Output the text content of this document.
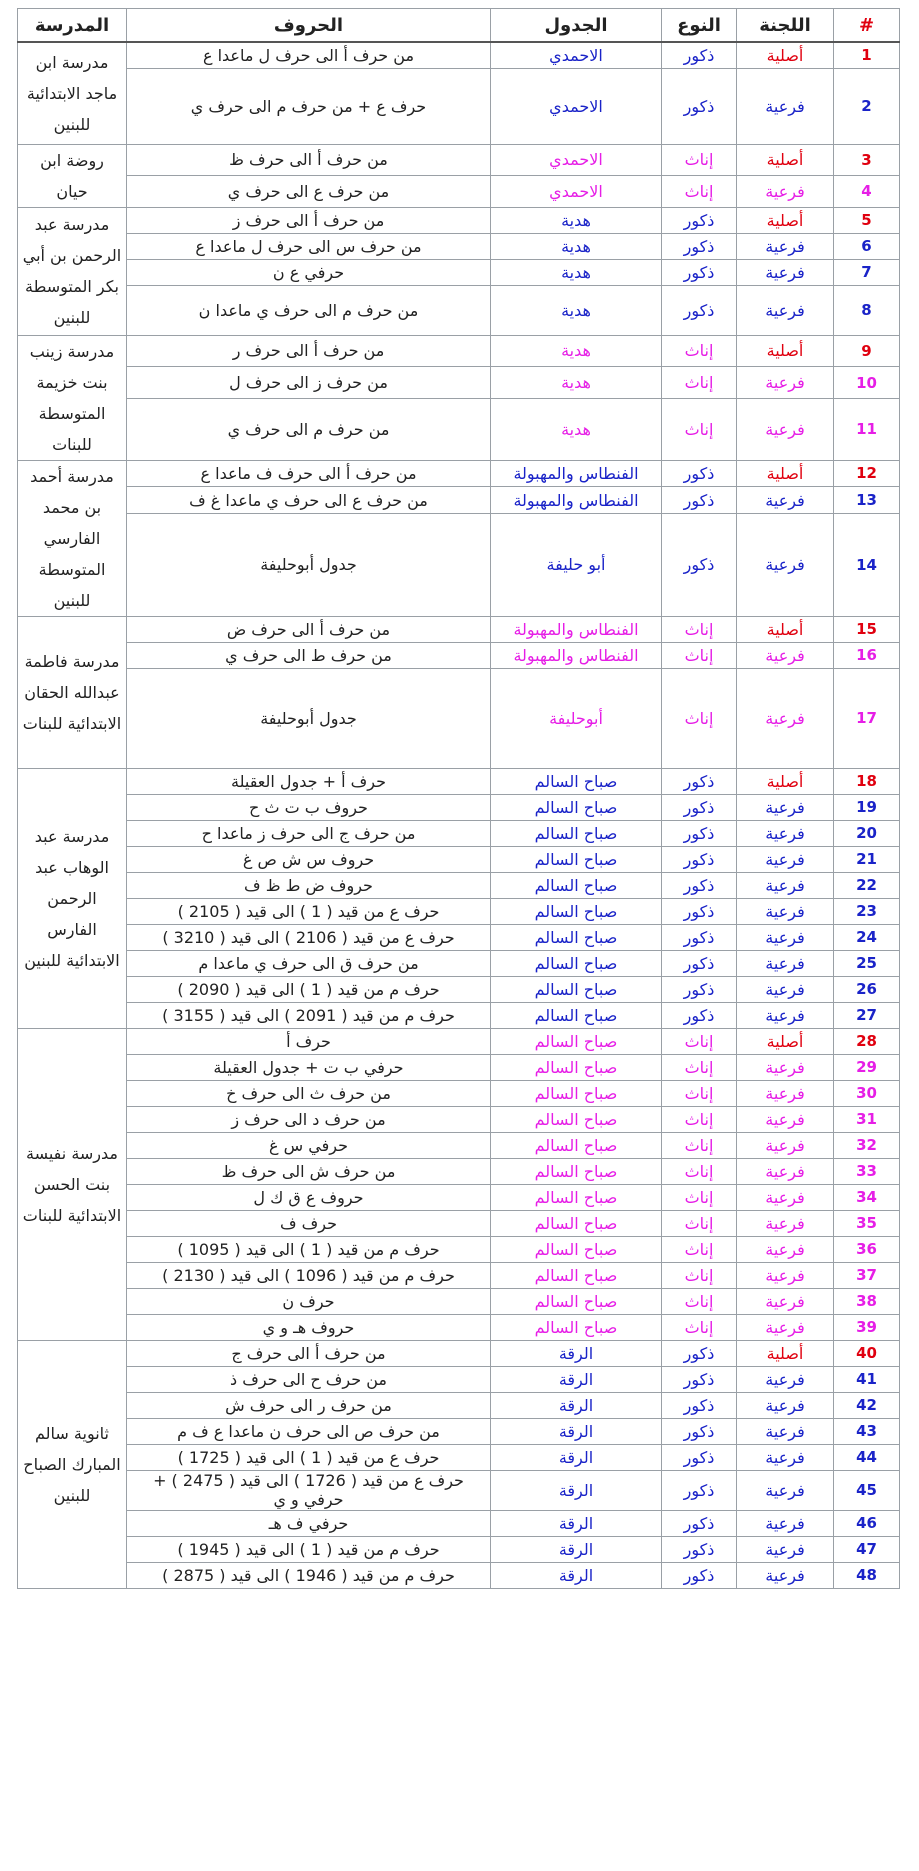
#	اللجنة	النوع	الجدول	الحروف	المدرسة
1	أصلية	ذكور	الاحمدي	من حرف أ الى حرف ل ماعدا ع	مدرسة ابن ماجد الابتدائية للبنين
2	فرعية	ذكور	الاحمدي	حرف ع + من حرف م الى حرف ي	
3	أصلية	إناث	الاحمدي	من حرف أ الى حرف ظ	روضة ابن حيان
4	فرعية	إناث	الاحمدي	من حرف ع الى حرف ي	
5	أصلية	ذكور	هدية	من حرف أ الى حرف ز	مدرسة عبد الرحمن بن أبي بكر المتوسطة للبنين
6	فرعية	ذكور	هدية	من حرف س الى حرف ل ماعدا ع	
7	فرعية	ذكور	هدية	حرفي ع ن	
8	فرعية	ذكور	هدية	من حرف م الى حرف ي ماعدا ن	
9	أصلية	إناث	هدية	من حرف أ الى حرف ر	مدرسة زينب بنت خزيمة المتوسطة للبنات
10	فرعية	إناث	هدية	من حرف ز الى حرف ل	
11	فرعية	إناث	هدية	من حرف م الى حرف ي	
12	أصلية	ذكور	الفنطاس والمهبولة	من حرف أ الى حرف ف ماعدا ع	مدرسة أحمد بن محمد الفارسي المتوسطة للبنين
13	فرعية	ذكور	الفنطاس والمهبولة	من حرف ع الى حرف ي ماعدا غ ف	
14	فرعية	ذكور	أبو حليفة	جدول أبوحليفة	
15	أصلية	إناث	الفنطاس والمهبولة	من حرف أ الى حرف ض	مدرسة فاطمة عبدالله الحقان الابتدائية للبنات
16	فرعية	إناث	الفنطاس والمهبولة	من حرف ط الى حرف ي	
17	فرعية	إناث	أبوحليفة	جدول أبوحليفة	
18	أصلية	ذكور	صباح السالم	حرف أ + جدول العقيلة	مدرسة عبد الوهاب عبد الرحمن الفارس الابتدائية للبنين
19	فرعية	ذكور	صباح السالم	حروف ب ت ث ح	
20	فرعية	ذكور	صباح السالم	من حرف ج الى حرف ز ماعدا ح	
21	فرعية	ذكور	صباح السالم	حروف س ش ص غ	
22	فرعية	ذكور	صباح السالم	حروف ض ط ظ ف	
23	فرعية	ذكور	صباح السالم	حرف ع من قيد ( 1 ) الى قيد ( 2105 )	
24	فرعية	ذكور	صباح السالم	حرف ع من قيد ( 2106 ) الى قيد ( 3210 )	
25	فرعية	ذكور	صباح السالم	من حرف ق الى حرف ي ماعدا م	
26	فرعية	ذكور	صباح السالم	حرف م من قيد ( 1 ) الى قيد ( 2090 )	
27	فرعية	ذكور	صباح السالم	حرف م من قيد ( 2091 ) الى قيد ( 3155 )	
28	أصلية	إناث	صباح السالم	حرف أ	مدرسة نفيسة بنت الحسن الابتدائية للبنات
29	فرعية	إناث	صباح السالم	حرفي ب ت + جدول العقيلة	
30	فرعية	إناث	صباح السالم	من حرف ث الى حرف خ	
31	فرعية	إناث	صباح السالم	من حرف د الى حرف ز	
32	فرعية	إناث	صباح السالم	حرفي س غ	
33	فرعية	إناث	صباح السالم	من حرف ش الى حرف ظ	
34	فرعية	إناث	صباح السالم	حروف ع ق ك ل	
35	فرعية	إناث	صباح السالم	حرف ف	
36	فرعية	إناث	صباح السالم	حرف م من قيد ( 1 ) الى قيد ( 1095 )	
37	فرعية	إناث	صباح السالم	حرف م من قيد ( 1096 ) الى قيد ( 2130 )	
38	فرعية	إناث	صباح السالم	حرف ن	
39	فرعية	إناث	صباح السالم	حروف هـ و ي	
40	أصلية	ذكور	الرقة	من حرف أ الى حرف ج	ثانوية سالم المبارك الصباح للبنين
41	فرعية	ذكور	الرقة	من حرف ح الى حرف ذ	
42	فرعية	ذكور	الرقة	من حرف ر الى حرف ش	
43	فرعية	ذكور	الرقة	من حرف ص الى حرف ن ماعدا ع ف م	
44	فرعية	ذكور	الرقة	حرف ع من قيد ( 1 ) الى قيد ( 1725 )	
45	فرعية	ذكور	الرقة	حرف ع من قيد ( 1726 ) الى قيد ( 2475 ) + حرفي و ي	
46	فرعية	ذكور	الرقة	حرفي ف هـ	
47	فرعية	ذكور	الرقة	حرف م من قيد ( 1 ) الى قيد ( 1945 )	
48	فرعية	ذكور	الرقة	حرف م من قيد ( 1946 ) الى قيد ( 2875 )	
